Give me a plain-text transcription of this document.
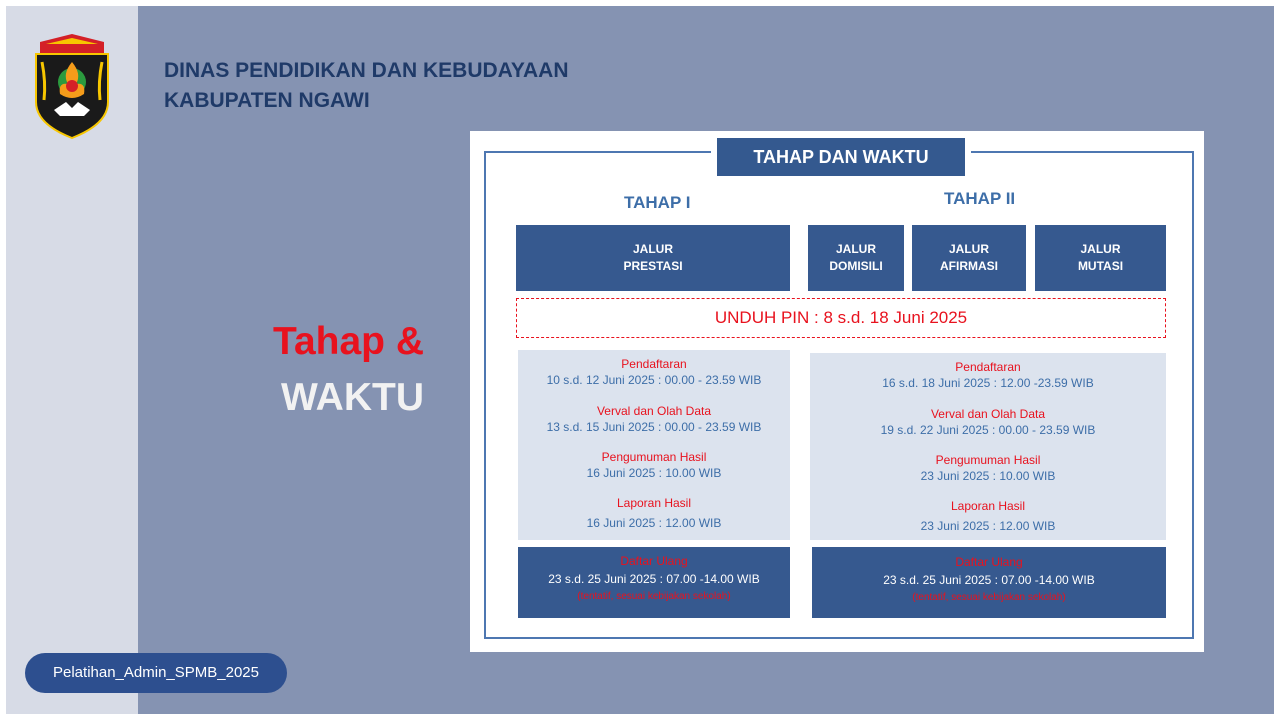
DINAS PENDIDIKAN DAN KEBUDAYAAN
KABUPATEN NGAWI
Tahap &
WAKTU
Pelatihan_Admin_SPMB_2025
TAHAP DAN WAKTU
TAHAP I	TAHAP II
JALUR
PRESTASI
JALUR
DOMISILI
JALUR
AFIRMASI
JALUR
MUTASI
UNDUH PIN : 8 s.d. 18 Juni 2025
Pendaftaran
10 s.d. 12 Juni 2025 : 00.00 - 23.59 WIB
Verval dan Olah Data
13 s.d. 15 Juni 2025 : 00.00 - 23.59 WIB
Pengumuman Hasil
16 Juni 2025 : 10.00 WIB
Laporan Hasil
16 Juni 2025 : 12.00 WIB
Pendaftaran
16 s.d. 18 Juni 2025 : 12.00 -23.59 WIB
Verval dan Olah Data
19 s.d. 22 Juni 2025 : 00.00 - 23.59 WIB
Pengumuman Hasil
23 Juni 2025 : 10.00 WIB
Laporan Hasil
23 Juni 2025 : 12.00 WIB
Daftar Ulang
23 s.d. 25 Juni 2025 : 07.00 -14.00 WIB
(tentatif, sesuai kebijakan sekolah)
Daftar Ulang
23 s.d. 25 Juni 2025 : 07.00 -14.00 WIB
(tentatif, sesuai kebijakan sekolah)
